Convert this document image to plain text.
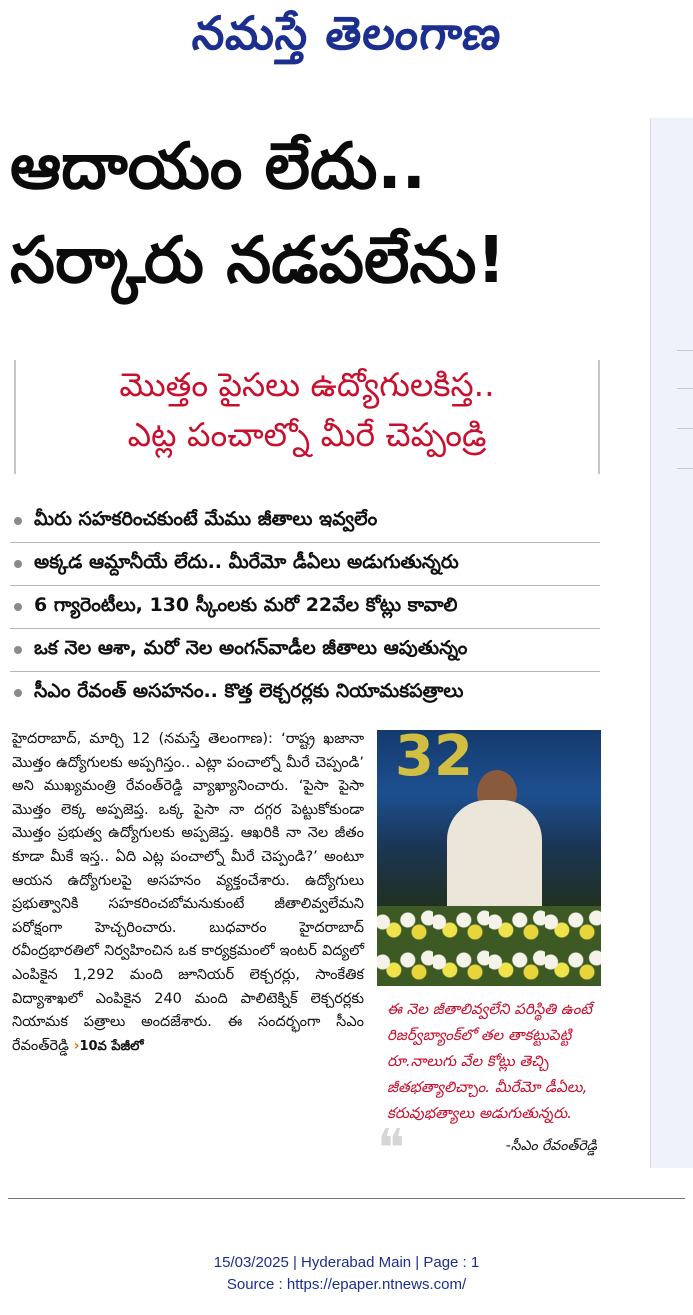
నమస్తే తెలంగాణ
ఆదాయం లేదు..
సర్కారు నడపలేను!
మొత్తం పైసలు ఉద్యోగులకిస్త..
ఎట్ల పంచాల్నో మీరే చెప్పండ్రి
మీరు సహకరించకుంటే మేము జీతాలు ఇవ్వలేం
అక్కడ ఆమ్దానీయే లేదు.. మీరేమో డీఏలు అడుగుతున్నరు
6 గ్యారెంటీలు, 130 స్కీంలకు మరో 22వేల కోట్లు కావాలి
ఒక నెల ఆశా, మరో నెల అంగన్‌వాడీల జీతాలు ఆపుతున్నం
సీఎం రేవంత్ అసహనం.. కొత్త లెక్చరర్లకు నియామకపత్రాలు
హైదరాబాద్, మార్చి 12 (నమస్తే తెలంగాణ): ‘రాష్ట్ర ఖజానా మొత్తం ఉద్యోగులకు అప్పగిస్తం.. ఎట్లా పంచాల్నో మీరే చెప్పండి’ అని ముఖ్యమంత్రి రేవంత్‌రెడ్డి వ్యాఖ్యానించారు. ‘పైసా పైసా మొత్తం లెక్క అప్పజెప్త. ఒక్క పైసా నా దగ్గర పెట్టుకోకుండా మొత్తం ప్రభుత్వ ఉద్యోగులకు అప్పజెప్త. ఆఖరికి నా నెల జీతం కూడా మీకే ఇస్త.. ఏది ఎట్ల పంచాల్నో మీరే చెప్పండి?’ అంటూ ఆయన ఉద్యోగులపై అసహనం వ్యక్తంచేశారు. ఉద్యోగులు ప్రభుత్వానికి సహకరించబోమనుకుంటే జీతాలివ్వలేమని పరోక్షంగా హెచ్చరించారు. బుధవారం హైదరాబాద్ రవీంద్రభారతిలో నిర్వహించిన ఒక కార్యక్రమంలో ఇంటర్ విద్యలో ఎంపికైన 1,292 మంది జూనియర్ లెక్చరర్లు, సాంకేతిక విద్యాశాఖలో ఎంపికైన 240 మంది పాలిటెక్నిక్ లెక్చరర్లకు నియామక పత్రాలు అందజేశారు. ఈ సందర్భంగా సీఎం రేవంత్‌రెడ్డి ›10వ పేజీలో
32
ఈ నెల జీతాలివ్వలేని పరిస్థితి ఉంటే రిజర్వ్‌బ్యాంక్‌లో తల తాకట్టుపెట్టి రూ.నాలుగు వేల కోట్లు తెచ్చి జీతభత్యాలిచ్చాం. మీరేమో డీఏలు, కరువుభత్యాలు అడుగుతున్నరు.
❝	-సీఎం రేవంత్‌రెడ్డి
15/03/2025 | Hyderabad Main | Page : 1
Source : https://epaper.ntnews.com/
